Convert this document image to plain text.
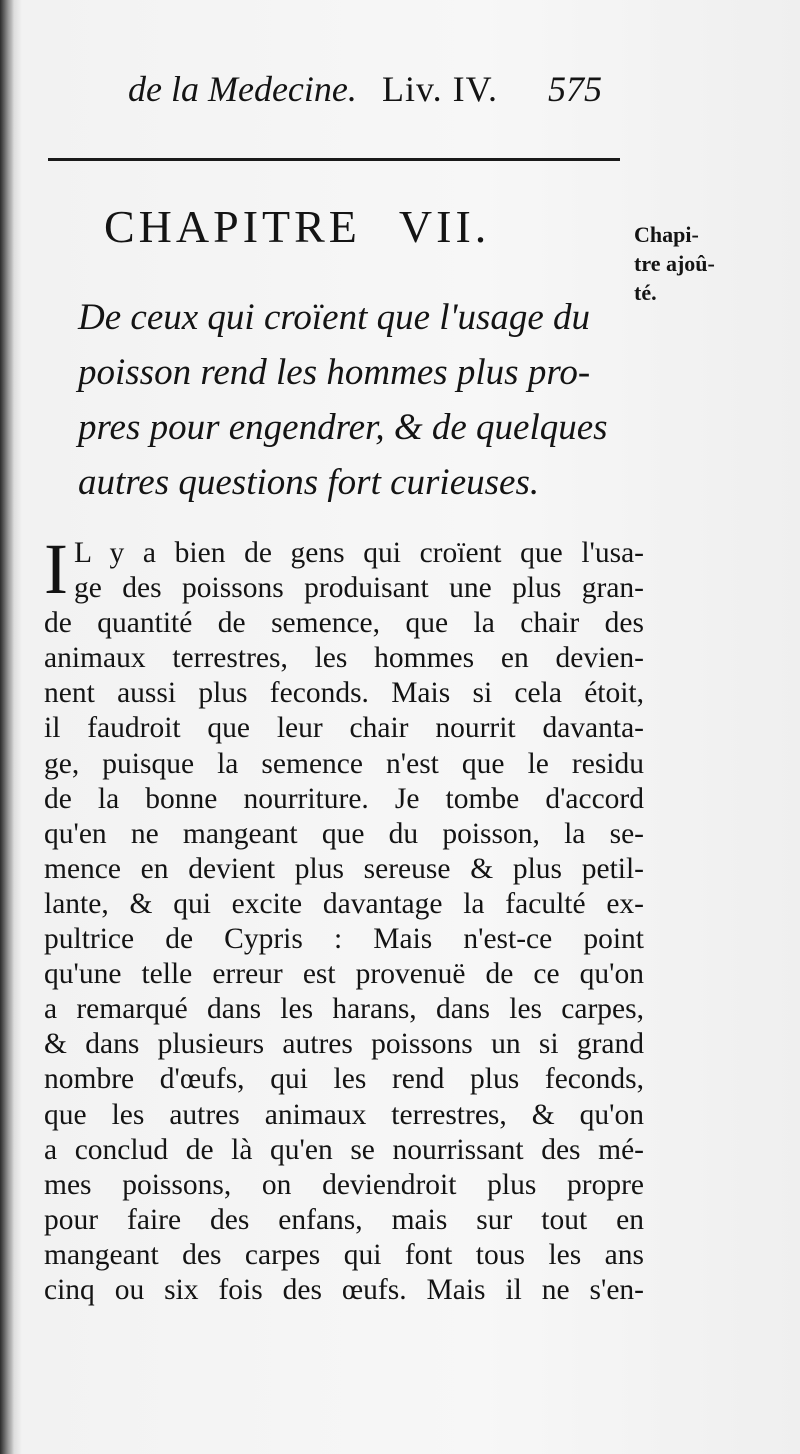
de la Medecine. Liv. IV. 575
CHAPITRE VII.	Chapi-
tre ajoû-
té.
De ceux qui croïent que l'usage du
poisson rend les hommes plus pro-
pres pour engendrer, & de quelques
autres questions fort curieuses.
I L y a bien de gens qui croïent que l'usa-
ge des poissons produisant une plus gran-
de quantité de semence, que la chair des
animaux terrestres, les hommes en devien-
nent aussi plus feconds. Mais si cela étoit,
il faudroit que leur chair nourrit davanta-
ge, puisque la semence n'est que le residu
de la bonne nourriture. Je tombe d'accord
qu'en ne mangeant que du poisson, la se-
mence en devient plus sereuse & plus petil-
lante, & qui excite davantage la faculté ex-
pultrice de Cypris : Mais n'est-ce point
qu'une telle erreur est provenuë de ce qu'on
a remarqué dans les harans, dans les carpes,
& dans plusieurs autres poissons un si grand
nombre d'œufs, qui les rend plus feconds,
que les autres animaux terrestres, & qu'on
a conclud de là qu'en se nourrissant des mé-
mes poissons, on deviendroit plus propre
pour faire des enfans, mais sur tout en
mangeant des carpes qui font tous les ans
cinq ou six fois des œufs. Mais il ne s'en-
